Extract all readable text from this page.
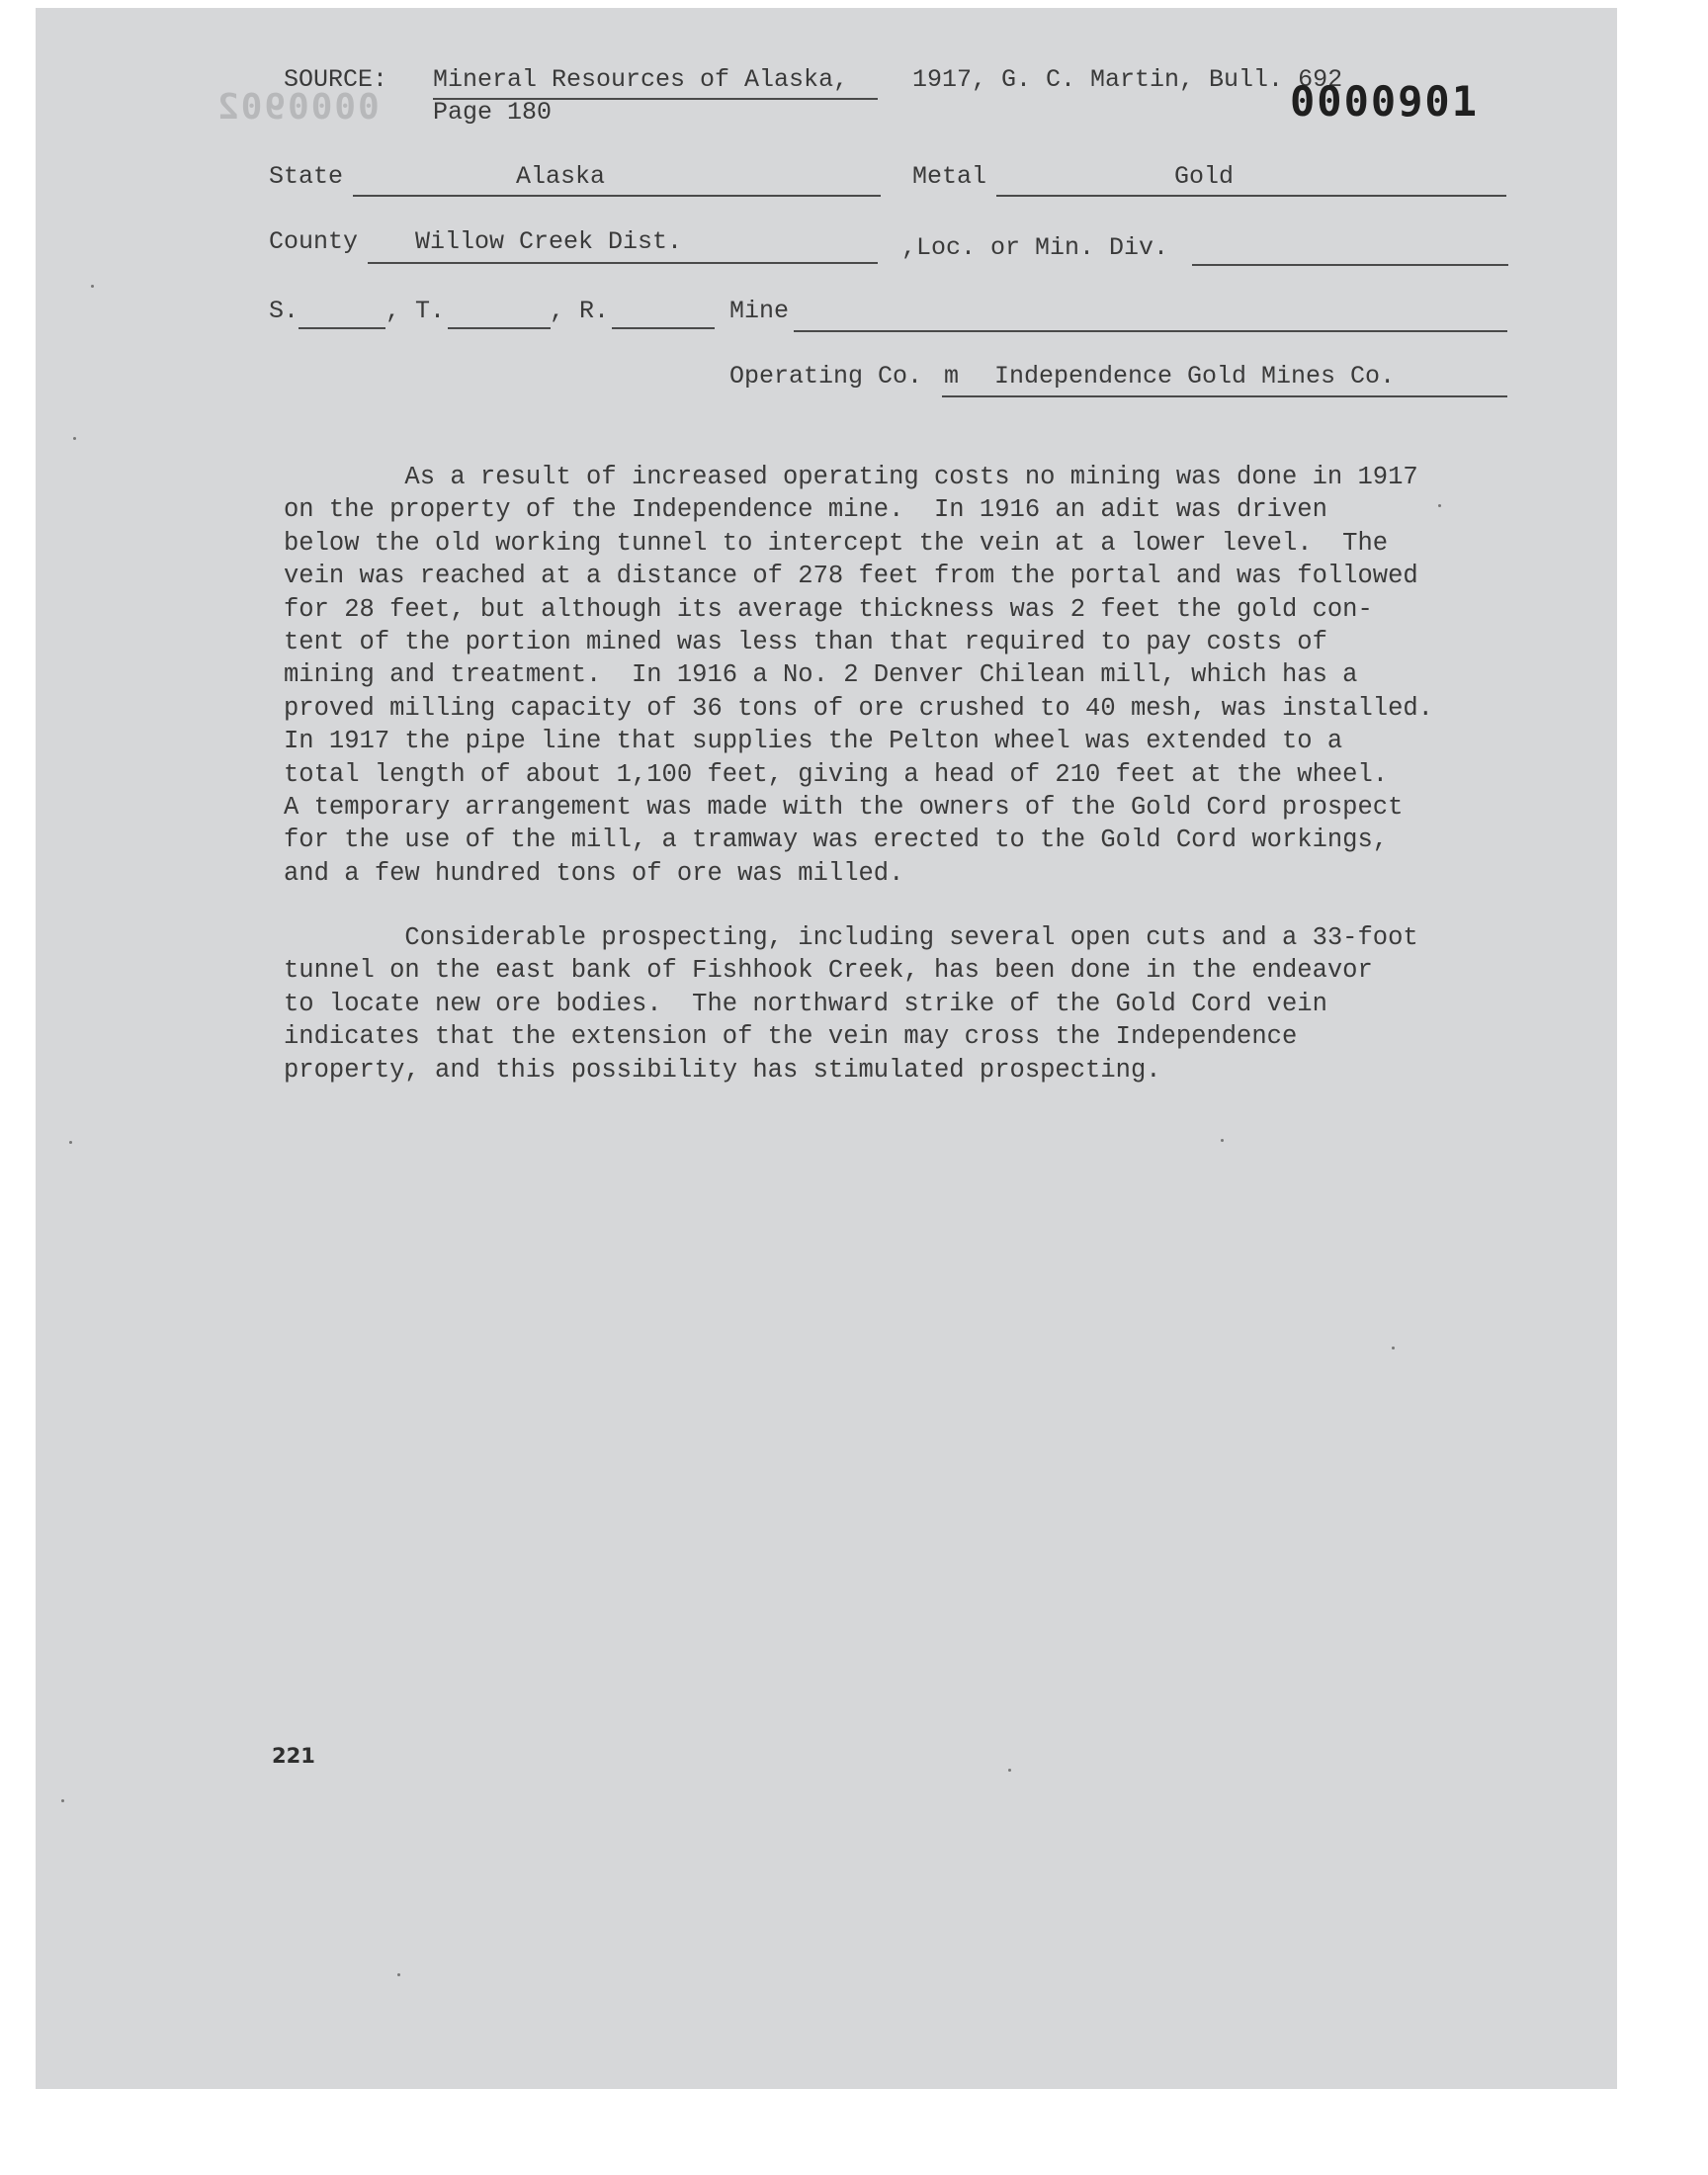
0000902
SOURCE: Mineral Resources of Alaska,	1917, G. C. Martin, Bull. 692
Page 180	0000901
State	Alaska	Metal	Gold
County Willow Creek Dist.	,Loc. or Min. Div.
S.	, T.	, R.	Mine
Operating Co. m Independence Gold Mines Co.
As a result of increased operating costs no mining was done in 1917
on the property of the Independence mine.  In 1916 an adit was driven
below the old working tunnel to intercept the vein at a lower level.  The
vein was reached at a distance of 278 feet from the portal and was followed
for 28 feet, but although its average thickness was 2 feet the gold con-
tent of the portion mined was less than that required to pay costs of
mining and treatment.  In 1916 a No. 2 Denver Chilean mill, which has a
proved milling capacity of 36 tons of ore crushed to 40 mesh, was installed.
In 1917 the pipe line that supplies the Pelton wheel was extended to a
total length of about 1,100 feet, giving a head of 210 feet at the wheel.
A temporary arrangement was made with the owners of the Gold Cord prospect
for the use of the mill, a tramway was erected to the Gold Cord workings,
and a few hundred tons of ore was milled.
Considerable prospecting, including several open cuts and a 33-foot
tunnel on the east bank of Fishhook Creek, has been done in the endeavor
to locate new ore bodies.  The northward strike of the Gold Cord vein
indicates that the extension of the vein may cross the Independence
property, and this possibility has stimulated prospecting.
221
